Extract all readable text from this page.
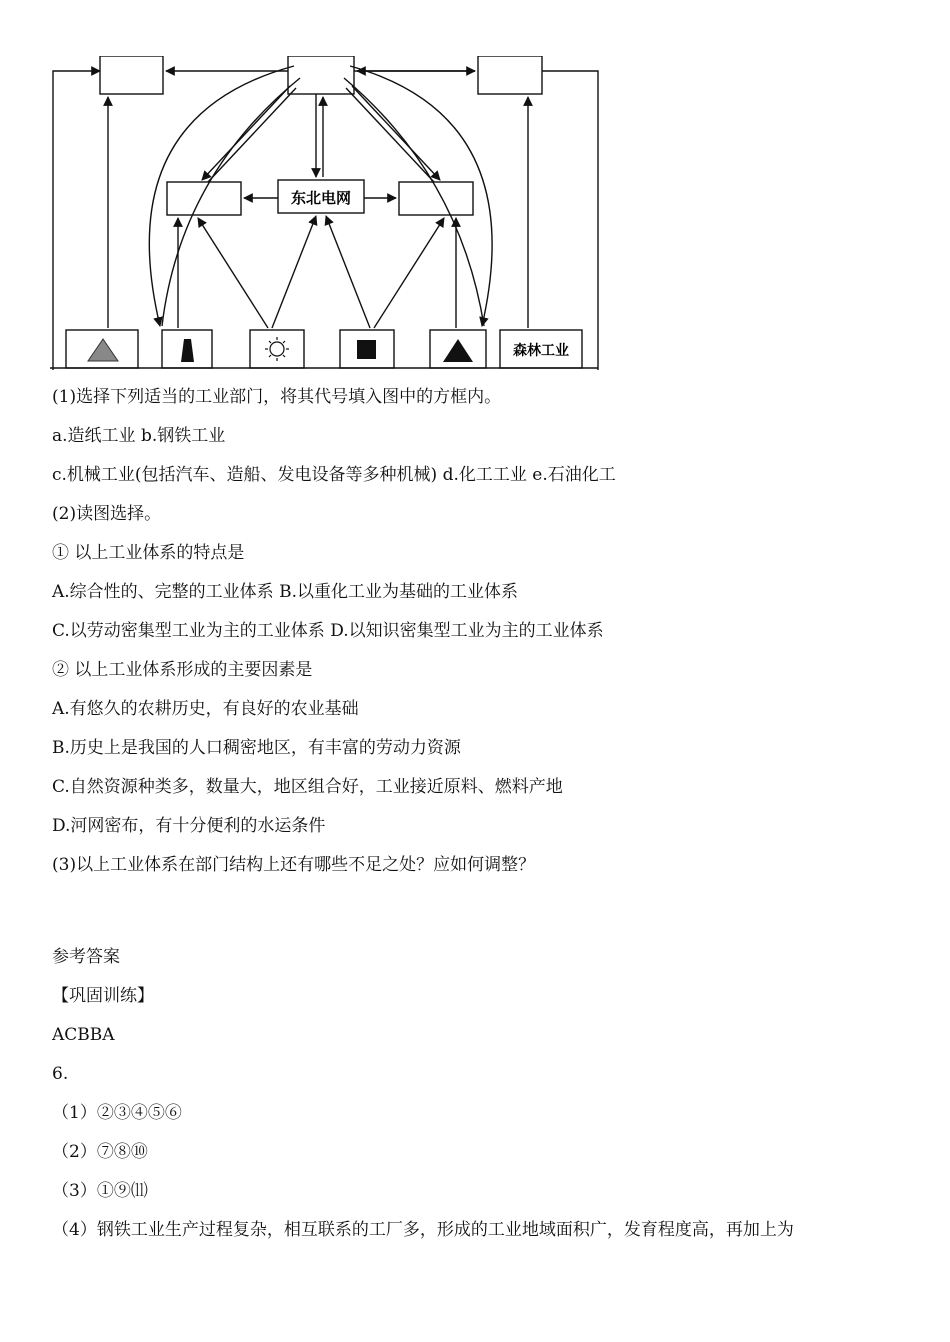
东北电网
森林工业
(1)选择下列适当的工业部门，将其代号填入图中的方框内。
a.造纸工业 b.钢铁工业
c.机械工业(包括汽车、造船、发电设备等多种机械) d.化工工业 e.石油化工
(2)读图选择。
① 以上工业体系的特点是
A.综合性的、完整的工业体系 B.以重化工业为基础的工业体系
C.以劳动密集型工业为主的工业体系 D.以知识密集型工业为主的工业体系
② 以上工业体系形成的主要因素是
A.有悠久的农耕历史，有良好的农业基础
B.历史上是我国的人口稠密地区，有丰富的劳动力资源
C.自然资源种类多，数量大，地区组合好，工业接近原料、燃料产地
D.河网密布，有十分便利的水运条件
(3)以上工业体系在部门结构上还有哪些不足之处？应如何调整？
参考答案
【巩固训练】
ACBBA
6.
（1）②③④⑤⑥
（2）⑦⑧⑩
（3）①⑨⑾
（4）钢铁工业生产过程复杂，相互联系的工厂多，形成的工业地域面积广，发育程度高，再加上为
